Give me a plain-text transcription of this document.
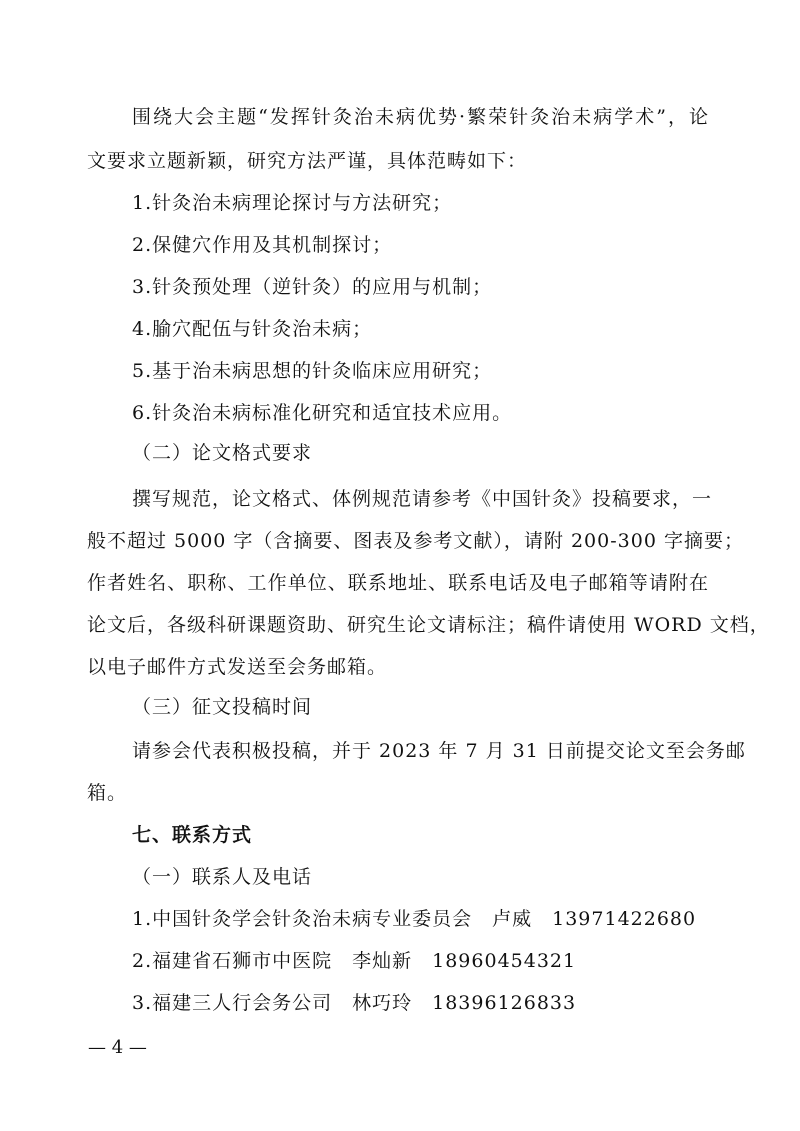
围绕大会主题“发挥针灸治未病优势·繁荣针灸治未病学术”，论
文要求立题新颖，研究方法严谨，具体范畴如下：
1.针灸治未病理论探讨与方法研究；
2.保健穴作用及其机制探讨；
3.针灸预处理（逆针灸）的应用与机制；
4.腧穴配伍与针灸治未病；
5.基于治未病思想的针灸临床应用研究；
6.针灸治未病标准化研究和适宜技术应用。
（二）论文格式要求
撰写规范，论文格式、体例规范请参考《中国针灸》投稿要求，一
般不超过 5000 字（含摘要、图表及参考文献），请附 200-300 字摘要；
作者姓名、职称、工作单位、联系地址、联系电话及电子邮箱等请附在
论文后，各级科研课题资助、研究生论文请标注；稿件请使用 WORD 文档，
以电子邮件方式发送至会务邮箱。
（三）征文投稿时间
请参会代表积极投稿，并于 2023 年 7 月 31 日前提交论文至会务邮
箱。
七、联系方式
（一）联系人及电话
1.中国针灸学会针灸治未病专业委员会　卢威　13971422680
2.福建省石狮市中医院　李灿新　18960454321
3.福建三人行会务公司　林巧玲　18396126833
— 4 —
